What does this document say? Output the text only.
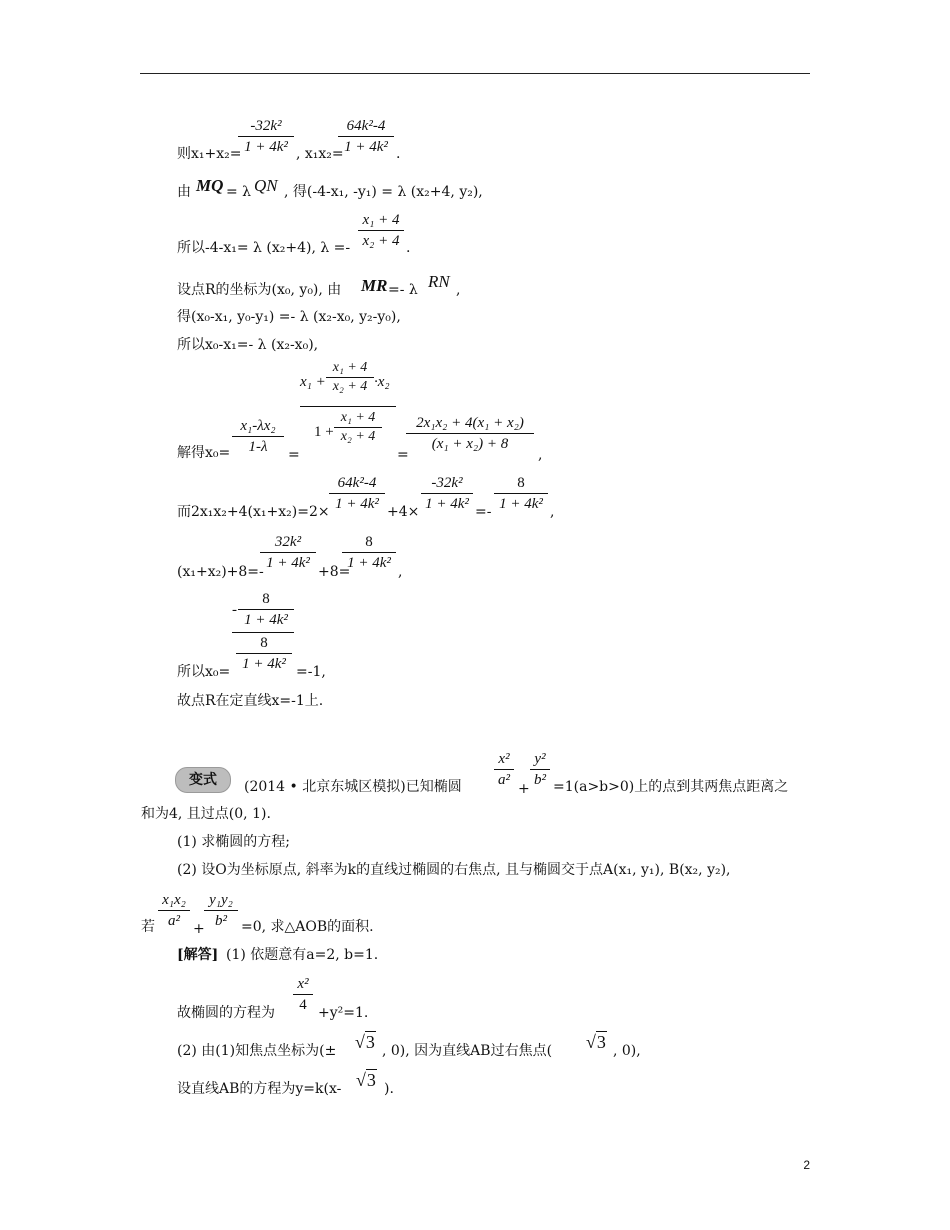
则x₁+x₂=
-32k²
1 + 4k² , x₁x₂=
64k²-4
1 + 4k² .
由 MQ = λ QN , 得(-4-x₁, -y₁) = λ (x₂+4, y₂),
所以-4-x₁= λ (x₂+4), λ =-
x₁ + 4
x₂ + 4 .
设点R的坐标为(x₀, y₀), 由 MR =- λ RN ,
得(x₀-x₁, y₀-y₁) =- λ (x₂-x₀, y₂-y₀),
所以x₀-x₁=- λ (x₂-x₀),
解得x₀=
x₁-λx₂
1-λ	=
x₁ +
x₁ + 4
x₂ + 4 ·x₂
1 +
x₁ + 4
x₂ + 4
=
2x₁x₂ + 4(x₁ + x₂)
(x₁ + x₂) + 8
,
而2x₁x₂+4(x₁+x₂)=2×
64k²-4
1 + 4k² +4×
-32k²
1 + 4k² =-
8
1 + 4k² ,
(x₁+x₂)+8=-
32k²
1 + 4k²
+8=
8
1 + 4k²
,
所以x₀=
-
8
1 + 4k²
8
1 + 4k² =-1,
故点R在定直线x=-1上.
变式	(2014 • 北京东城区模拟)已知椭圆
x²
a²
+
y²
b² =1(a>b>0)上的点到其两焦点距离之
和为4, 且过点(0, 1).
(1) 求椭圆的方程;
(2) 设O为坐标原点, 斜率为k的直线过椭圆的右焦点, 且与椭圆交于点A(x₁, y₁), B(x₂, y₂),
若
x₁x₂
a² +
y₁y₂
b²	=0, 求△AOB的面积.
[解答] (1) 依题意有a=2, b=1.
故椭圆的方程为
x²
4 +y²=1.
(2) 由(1)知焦点坐标为(± √3 , 0), 因为直线AB过右焦点( √3 , 0),
设直线AB的方程为y=k(x- √3 ).
2
